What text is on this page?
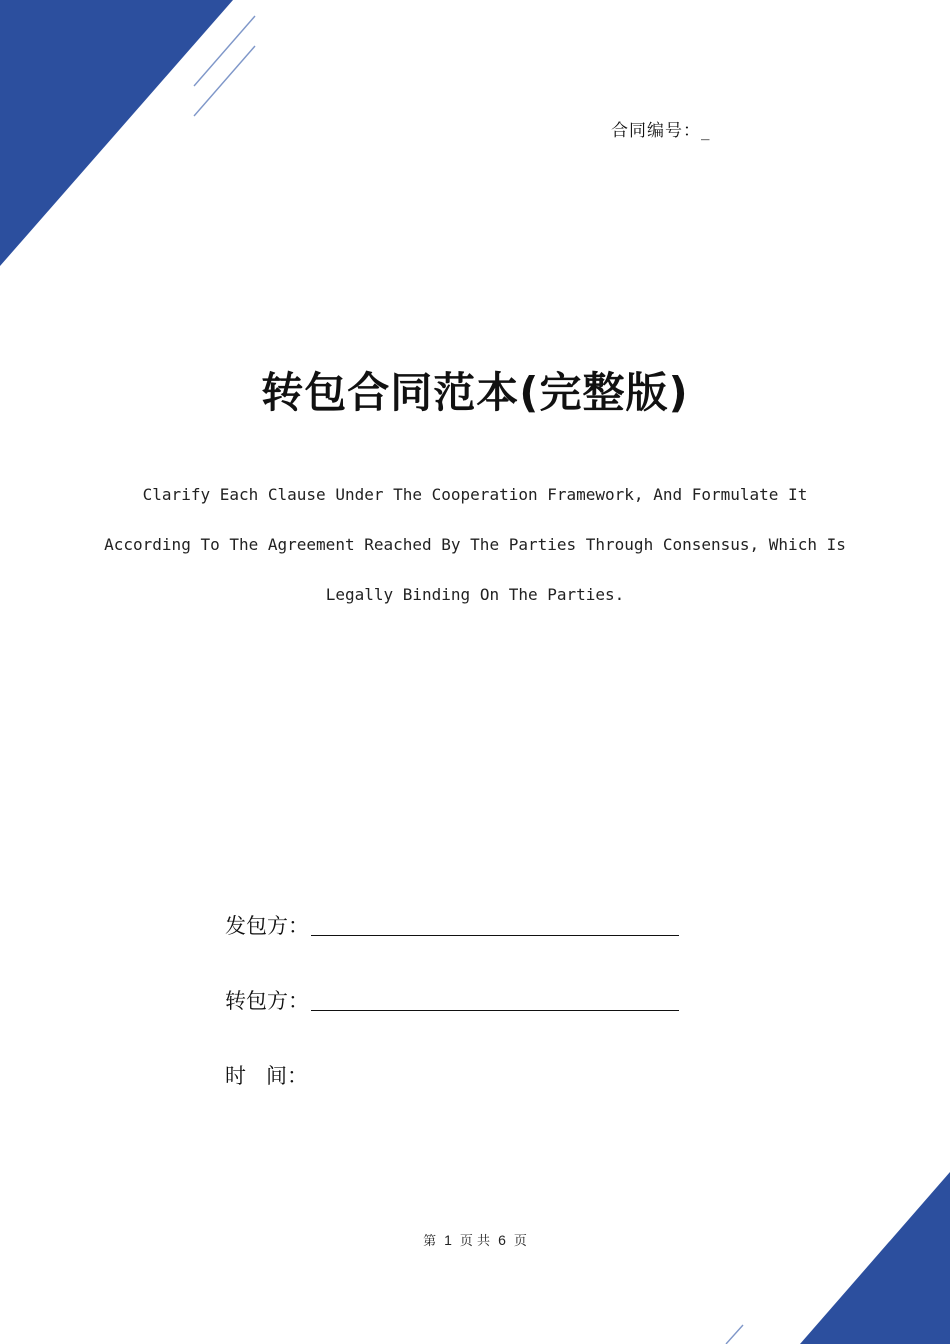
合同编号：_
转包合同范本(完整版)
Clarify Each Clause Under The Cooperation Framework, And Formulate It According To The Agreement Reached By The Parties Through Consensus, Which Is Legally Binding On The Parties.
发包方：
转包方：
时 间：
第 1 页 共 6 页
